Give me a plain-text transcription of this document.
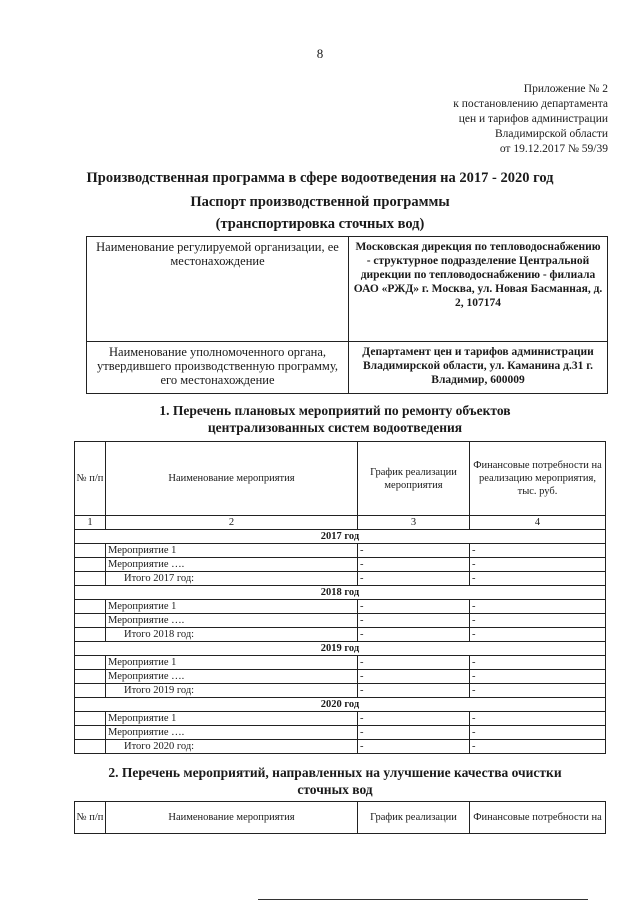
8
Приложение № 2
к постановлению департамента
цен и тарифов администрации
Владимирской области
от 19.12.2017 № 59/39
Производственная программа в сфере водоотведения на 2017 - 2020 год
Паспорт производственной программы
(транспортировка сточных вод)
Наименование регулируемой организации, ее местонахождение	Московская дирекция по тепловодоснабжению - структурное подразделение Центральной дирекции по тепловодоснабжению - филиала ОАО «РЖД» г. Москва, ул. Новая Басманная, д. 2, 107174
Наименование уполномоченного органа, утвердившего производственную программу, его местонахождение	Департамент цен и тарифов администрации Владимирской области, ул. Каманина д.31 г. Владимир, 600009
1. Перечень плановых мероприятий по ремонту объектов централизованных систем водоотведения
№ п/п	Наименование мероприятия	График реализации мероприятия	Финансовые потребности на реализацию мероприятия, тыс. руб.
1	2	3	4
2017 год			
	Мероприятие 1	-	-
	Мероприятие ….	-	-
	Итого 2017 год:	-	-
2018 год			
	Мероприятие 1	-	-
	Мероприятие ….	-	-
	Итого 2018 год:	-	-
2019 год			
	Мероприятие 1	-	-
	Мероприятие ….	-	-
	Итого 2019 год:	-	-
2020 год			
	Мероприятие 1	-	-
	Мероприятие ….	-	-
	Итого 2020 год:	-	-
2. Перечень мероприятий, направленных на улучшение качества очистки сточных вод
№ п/п	Наименование мероприятия	График реализации	Финансовые потребности на
